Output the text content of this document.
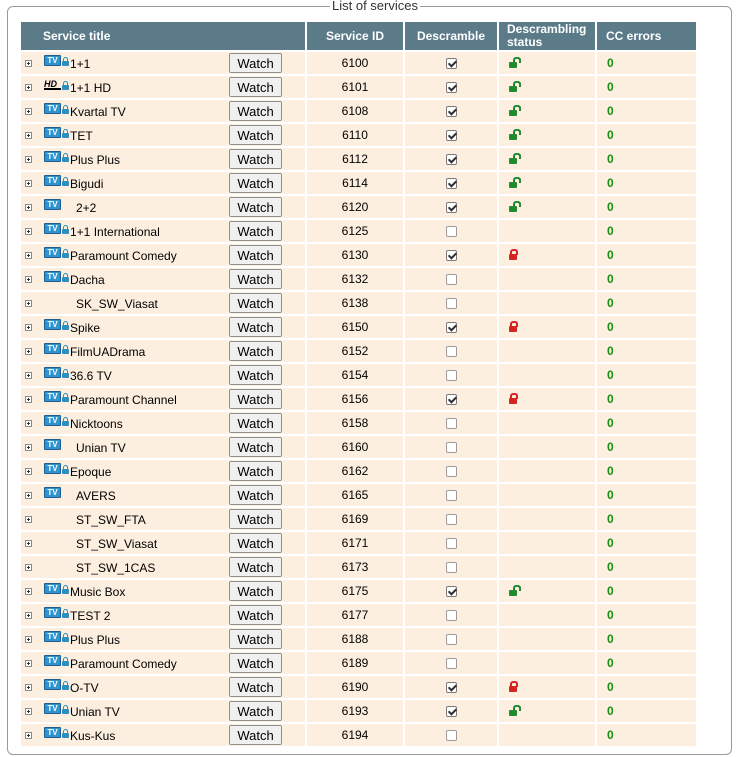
List of services
Service title	Service ID	Descramble	Descrambling status	CC errors

TV 1+1 Watch	6100			0

HD 1+1 HD Watch	6101			0

TV Kvartal TV Watch	6108			0

TV TET Watch	6110			0

TV Plus Plus Watch	6112			0

TV Bigudi Watch	6114			0

TV 2+2 Watch	6120			0

TV 1+1 International Watch	6125			0

TV Paramount Comedy Watch	6130			0

TV Dacha Watch	6132			0

SK_SW_Viasat Watch	6138			0

TV Spike Watch	6150			0

TV FilmUADrama Watch	6152			0

TV 36.6 TV Watch	6154			0

TV Paramount Channel Watch	6156			0

TV Nicktoons Watch	6158			0

TV Unian TV Watch	6160			0

TV Epoque Watch	6162			0

TV AVERS Watch	6165			0

ST_SW_FTA Watch	6169			0

ST_SW_Viasat Watch	6171			0

ST_SW_1CAS Watch	6173			0

TV Music Box Watch	6175			0

TV TEST 2 Watch	6177			0

TV Plus Plus Watch	6188			0

TV Paramount Comedy Watch	6189			0

TV O-TV Watch	6190			0

TV Unian TV Watch	6193			0

TV Kus-Kus Watch	6194			0
